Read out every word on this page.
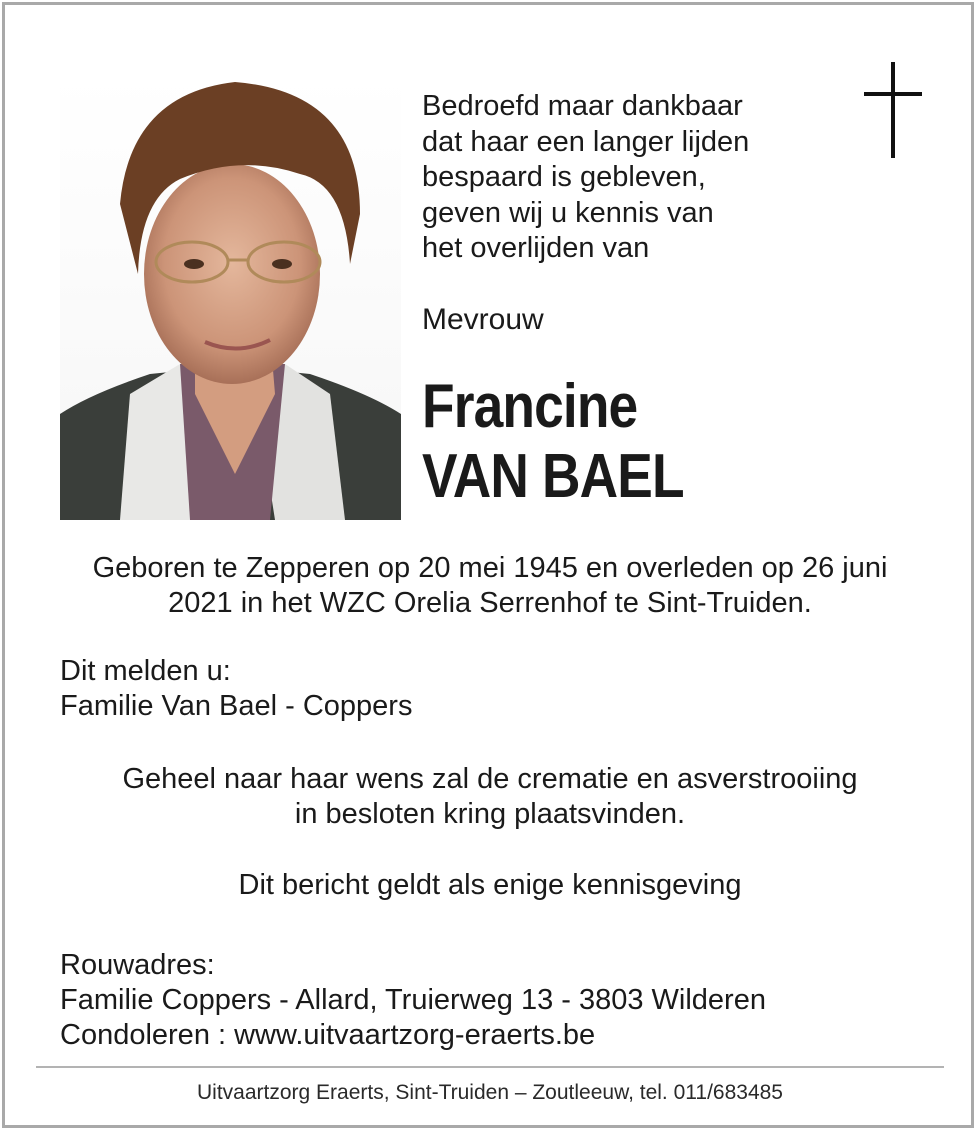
Bedroefd maar dankbaar
dat haar een langer lijden
bespaard is gebleven,
geven wij u kennis van
het overlijden van
Mevrouw
Francine
VAN BAEL
Geboren te Zepperen op 20 mei 1945 en overleden op 26 juni
2021 in het WZC Orelia Serrenhof te Sint-Truiden.
Dit melden u:
Familie Van Bael - Coppers
Geheel naar haar wens zal de crematie en asverstrooiing
in besloten kring plaatsvinden.
Dit bericht geldt als enige kennisgeving
Rouwadres:
Familie Coppers - Allard, Truierweg 13 - 3803 Wilderen
Condoleren : www.uitvaartzorg-eraerts.be
Uitvaartzorg Eraerts, Sint-Truiden – Zoutleeuw, tel. 011/683485
